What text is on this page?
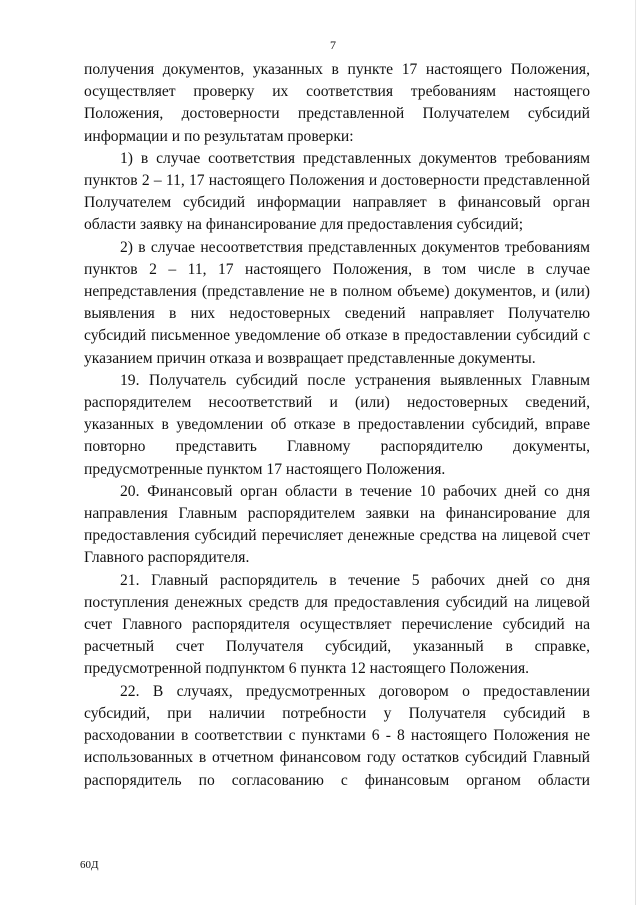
7

получения документов, указанных в пункте 17 настоящего Положения, осуществляет проверку их соответствия требованиям настоящего Положения, достоверности представленной Получателем субсидий информации и по результатам проверки:

1) в случае соответствия представленных документов требованиям пунктов 2 – 11, 17 настоящего Положения и достоверности представленной Получателем субсидий информации направляет в финансовый орган области заявку на финансирование для предоставления субсидий;

2) в случае несоответствия представленных документов требованиям пунктов 2 – 11, 17 настоящего Положения, в том числе в случае непредставления (представление не в полном объеме) документов, и (или) выявления в них недостоверных сведений направляет Получателю субсидий письменное уведомление об отказе в предоставлении субсидий с указанием причин отказа и возвращает представленные документы.

19. Получатель субсидий после устранения выявленных Главным распорядителем несоответствий и (или) недостоверных сведений, указанных в уведомлении об отказе в предоставлении субсидий, вправе повторно представить Главному распорядителю документы, предусмотренные пунктом 17 настоящего Положения.

20. Финансовый орган области в течение 10 рабочих дней со дня направления Главным распорядителем заявки на финансирование для предоставления субсидий перечисляет денежные средства на лицевой счет Главного распорядителя.

21. Главный распорядитель в течение 5 рабочих дней со дня поступления денежных средств для предоставления субсидий на лицевой счет Главного распорядителя осуществляет перечисление субсидий на расчетный счет Получателя субсидий, указанный в справке, предусмотренной подпунктом 6 пункта 12 настоящего Положения.

22. В случаях, предусмотренных договором о предоставлении субсидий, при наличии потребности у Получателя субсидий в расходовании в соответствии с пунктами 6 - 8 настоящего Положения не использованных в отчетном финансовом году остатков субсидий Главный распорядитель по согласованию с финансовым органом области

60Д
